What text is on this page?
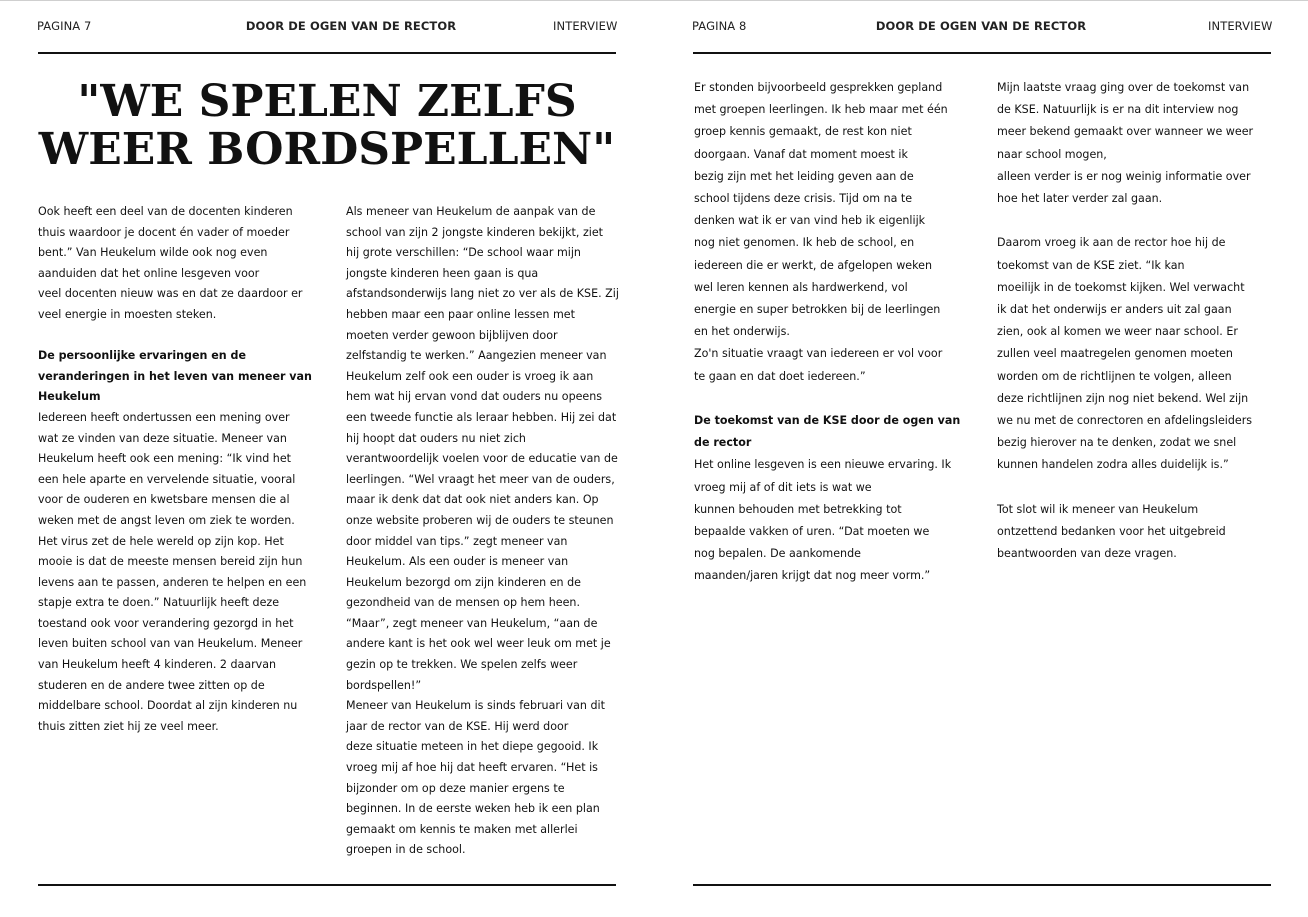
PAGINA 7	DOOR DE OGEN VAN DE RECTOR	INTERVIEW
"WE SPELEN ZELFS
WEER BORDSPELLEN"

Ook heeft een deel van de docenten kinderen
thuis waardoor je docent én vader of moeder
bent.” Van Heukelum wilde ook nog even
aanduiden dat het online lesgeven voor
veel docenten nieuw was en dat ze daardoor er
veel energie in moesten steken.

De persoonlijke ervaringen en de
veranderingen in het leven van meneer van
Heukelum

Iedereen heeft ondertussen een mening over
wat ze vinden van deze situatie. Meneer van
Heukelum heeft ook een mening: “Ik vind het
een hele aparte en vervelende situatie, vooral
voor de ouderen en kwetsbare mensen die al
weken met de angst leven om ziek te worden.
Het virus zet de hele wereld op zijn kop. Het
mooie is dat de meeste mensen bereid zijn hun
levens aan te passen, anderen te helpen en een
stapje extra te doen.” Natuurlijk heeft deze
toestand ook voor verandering gezorgd in het
leven buiten school van van Heukelum. Meneer
van Heukelum heeft 4 kinderen. 2 daarvan
studeren en de andere twee zitten op de
middelbare school. Doordat al zijn kinderen nu
thuis zitten ziet hij ze veel meer.

Als meneer van Heukelum de aanpak van de
school van zijn 2 jongste kinderen bekijkt, ziet
hij grote verschillen: “De school waar mijn
jongste kinderen heen gaan is qua
afstandsonderwijs lang niet zo ver als de KSE. Zij
hebben maar een paar online lessen met
moeten verder gewoon bijblijven door
zelfstandig te werken.” Aangezien meneer van
Heukelum zelf ook een ouder is vroeg ik aan
hem wat hij ervan vond dat ouders nu opeens
een tweede functie als leraar hebben. Hij zei dat
hij hoopt dat ouders nu niet zich
verantwoordelijk voelen voor de educatie van de
leerlingen. “Wel vraagt het meer van de ouders,
maar ik denk dat dat ook niet anders kan. Op
onze website proberen wij de ouders te steunen
door middel van tips.” zegt meneer van
Heukelum. Als een ouder is meneer van
Heukelum bezorgd om zijn kinderen en de
gezondheid van de mensen op hem heen.
“Maar”, zegt meneer van Heukelum, “aan de
andere kant is het ook wel weer leuk om met je
gezin op te trekken. We spelen zelfs weer
bordspellen!”
Meneer van Heukelum is sinds februari van dit
jaar de rector van de KSE. Hij werd door
deze situatie meteen in het diepe gegooid. Ik
vroeg mij af hoe hij dat heeft ervaren. “Het is
bijzonder om op deze manier ergens te
beginnen. In de eerste weken heb ik een plan
gemaakt om kennis te maken met allerlei
groepen in de school.

PAGINA 8	DOOR DE OGEN VAN DE RECTOR	INTERVIEW

Er stonden bijvoorbeeld gesprekken gepland
met groepen leerlingen. Ik heb maar met één
groep kennis gemaakt, de rest kon niet
doorgaan. Vanaf dat moment moest ik
bezig zijn met het leiding geven aan de
school tijdens deze crisis. Tijd om na te
denken wat ik er van vind heb ik eigenlijk
nog niet genomen. Ik heb de school, en
iedereen die er werkt, de afgelopen weken
wel leren kennen als hardwerkend, vol
energie en super betrokken bij de leerlingen
en het onderwijs.
Zo'n situatie vraagt van iedereen er vol voor
te gaan en dat doet iedereen.”

De toekomst van de KSE door de ogen van
de rector

Het online lesgeven is een nieuwe ervaring. Ik
vroeg mij af of dit iets is wat we
kunnen behouden met betrekking tot
bepaalde vakken of uren. “Dat moeten we
nog bepalen. De aankomende
maanden/jaren krijgt dat nog meer vorm.”

Mijn laatste vraag ging over de toekomst van
de KSE. Natuurlijk is er na dit interview nog
meer bekend gemaakt over wanneer we weer
naar school mogen,
alleen verder is er nog weinig informatie over
hoe het later verder zal gaan.

Daarom vroeg ik aan de rector hoe hij de
toekomst van de KSE ziet. “Ik kan
moeilijk in de toekomst kijken. Wel verwacht
ik dat het onderwijs er anders uit zal gaan
zien, ook al komen we weer naar school. Er
zullen veel maatregelen genomen moeten
worden om de richtlijnen te volgen, alleen
deze richtlijnen zijn nog niet bekend. Wel zijn
we nu met de conrectoren en afdelingsleiders
bezig hierover na te denken, zodat we snel
kunnen handelen zodra alles duidelijk is.”

Tot slot wil ik meneer van Heukelum
ontzettend bedanken voor het uitgebreid
beantwoorden van deze vragen.
